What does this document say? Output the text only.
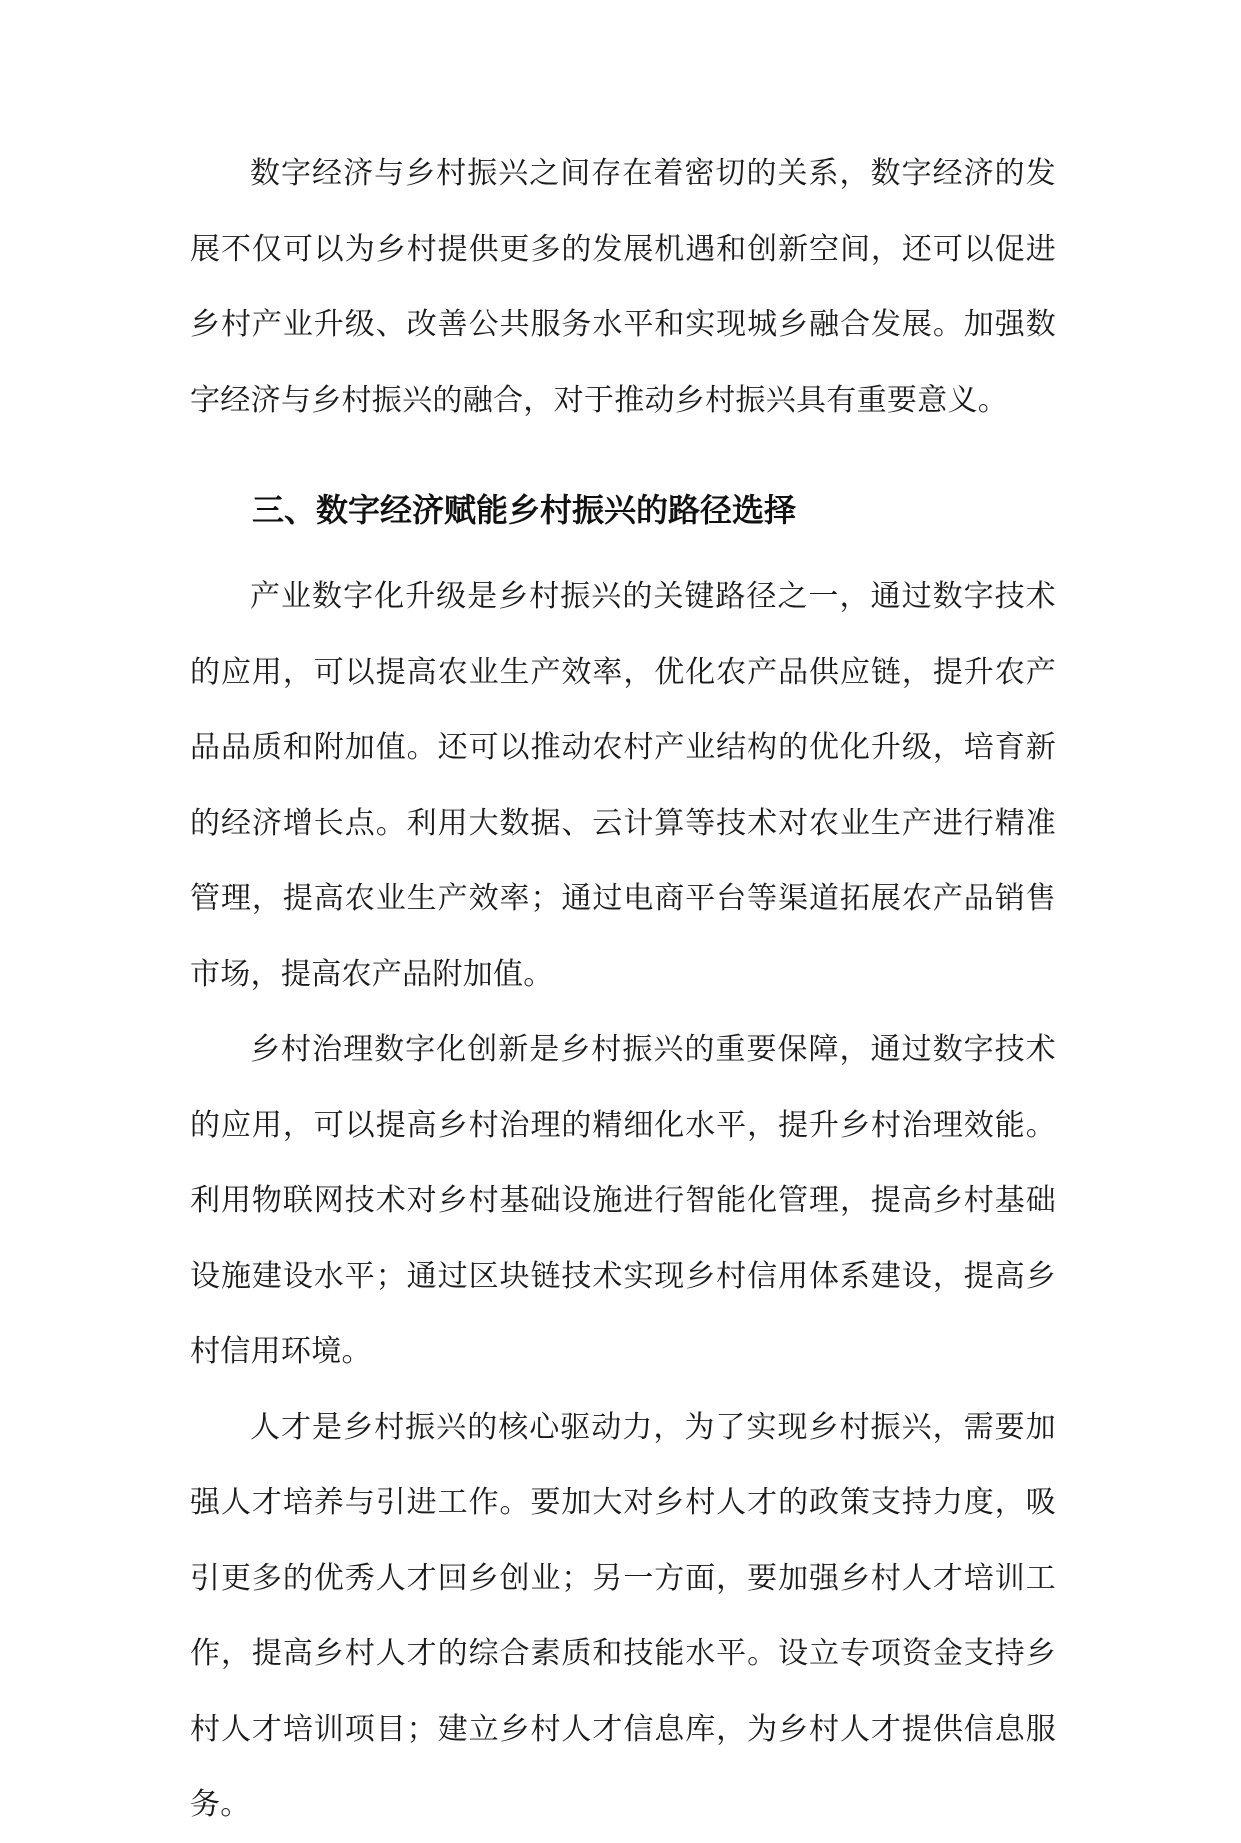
数字经济与乡村振兴之间存在着密切的关系，数字经济的发展不仅可以为乡村提供更多的发展机遇和创新空间，还可以促进乡村产业升级、改善公共服务水平和实现城乡融合发展。加强数字经济与乡村振兴的融合，对于推动乡村振兴具有重要意义。

三、数字经济赋能乡村振兴的路径选择

产业数字化升级是乡村振兴的关键路径之一，通过数字技术的应用，可以提高农业生产效率，优化农产品供应链，提升农产品品质和附加值。还可以推动农村产业结构的优化升级，培育新的经济增长点。利用大数据、云计算等技术对农业生产进行精准管理，提高农业生产效率；通过电商平台等渠道拓展农产品销售市场，提高农产品附加值。

乡村治理数字化创新是乡村振兴的重要保障，通过数字技术的应用，可以提高乡村治理的精细化水平，提升乡村治理效能。利用物联网技术对乡村基础设施进行智能化管理，提高乡村基础设施建设水平；通过区块链技术实现乡村信用体系建设，提高乡村信用环境。

人才是乡村振兴的核心驱动力，为了实现乡村振兴，需要加强人才培养与引进工作。要加大对乡村人才的政策支持力度，吸引更多的优秀人才回乡创业；另一方面，要加强乡村人才培训工作，提高乡村人才的综合素质和技能水平。设立专项资金支持乡村人才培训项目；建立乡村人才信息库，为乡村人才提供信息服务。
